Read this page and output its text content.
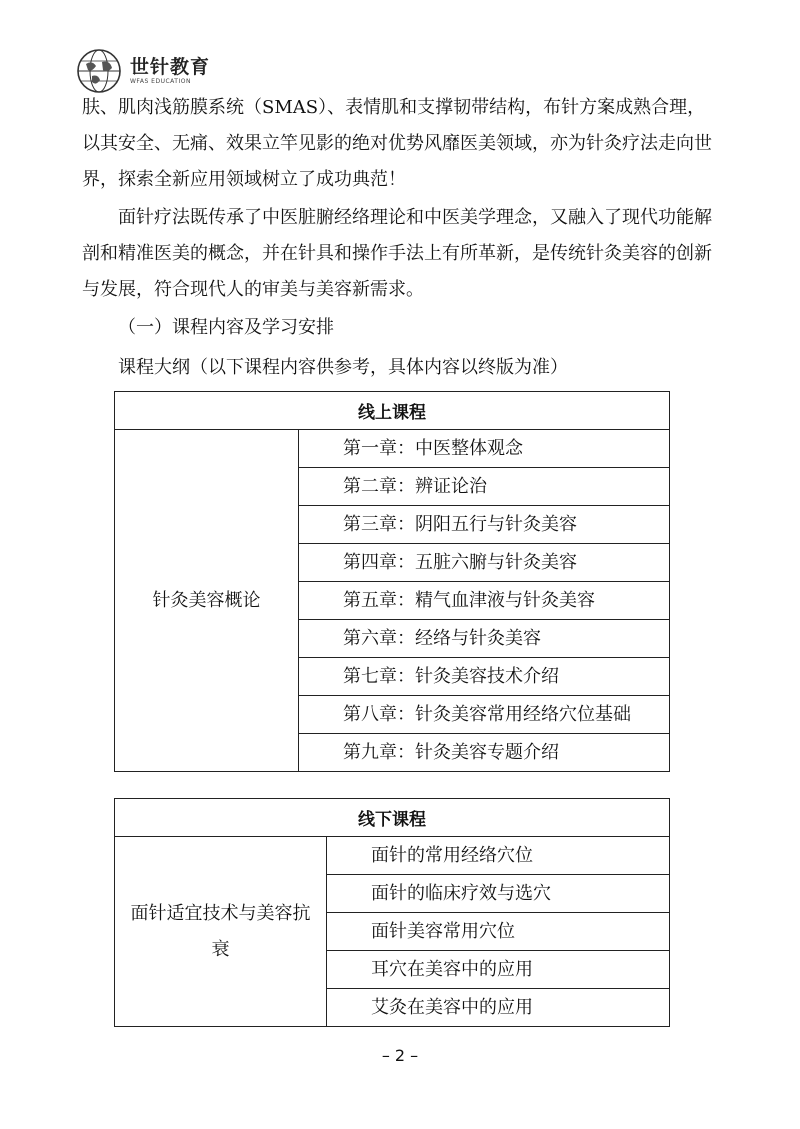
世针教育
WFAS EDUCATION

肤、肌肉浅筋膜系统（SMAS）、表情肌和支撑韧带结构，布针方案成熟合理，以其安全、无痛、效果立竿见影的绝对优势风靡医美领域，亦为针灸疗法走向世界，探索全新应用领域树立了成功典范！

面针疗法既传承了中医脏腑经络理论和中医美学理念，又融入了现代功能解剖和精准医美的概念，并在针具和操作手法上有所革新，是传统针灸美容的创新与发展，符合现代人的审美与美容新需求。

（一）课程内容及学习安排

课程大纲（以下课程内容供参考，具体内容以终版为准）

线上课程
针灸美容概论	第一章：中医整体观念
第二章：辨证论治
第三章：阴阳五行与针灸美容
第四章：五脏六腑与针灸美容
第五章：精气血津液与针灸美容
第六章：经络与针灸美容
第七章：针灸美容技术介绍
第八章：针灸美容常用经络穴位基础
第九章：针灸美容专题介绍
线下课程
面针适宜技术与美容抗衰	面针的常用经络穴位
面针的临床疗效与选穴
面针美容常用穴位
耳穴在美容中的应用
艾灸在美容中的应用
– 2 –
